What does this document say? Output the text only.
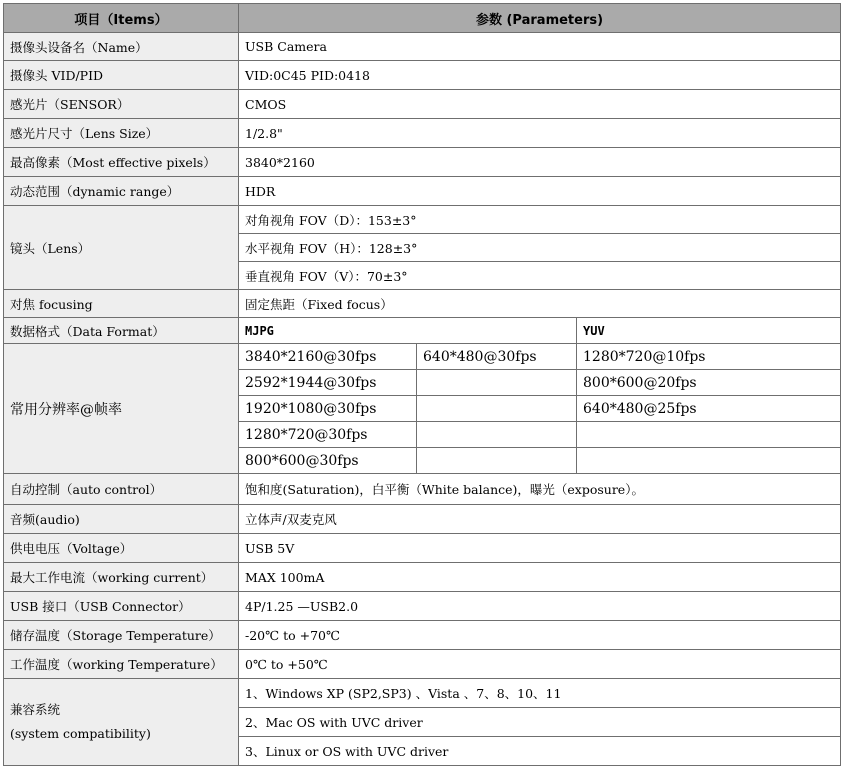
项目（Items）	参数 (Parameters)		
摄像头设备名（Name）	USB Camera		
摄像头 VID/PID	VID:0C45 PID:0418		
感光片（SENSOR）	CMOS		
感光片尺寸（Lens Size）	1/2.8"		
最高像素（Most effective pixels）	3840*2160		
动态范围（dynamic range）	HDR		
镜头（Lens）	对角视角 FOV（D）：153±3°		
	水平视角 FOV（H）：128±3°		
	垂直视角 FOV（V）：70±3°		
对焦 focusing	固定焦距（Fixed focus）		
数据格式（Data Format）	MJPG		YUV
常用分辨率@帧率	3840*2160@30fps	640*480@30fps	1280*720@10fps
	2592*1944@30fps		800*600@20fps
	1920*1080@30fps		640*480@25fps
	1280*720@30fps		
	800*600@30fps		
自动控制（auto control）	饱和度(Saturation)，白平衡（White balance)，曝光（exposure）。		
音频(audio)	立体声/双麦克风		
供电电压（Voltage）	USB 5V		
最大工作电流（working current）	MAX 100mA		
USB 接口（USB Connector）	4P/1.25 —USB2.0		
储存温度（Storage Temperature）	-20℃ to +70℃		
工作温度（working Temperature）	0℃ to +50℃		

兼容系统
(system compatibility)	1、Windows XP (SP2,SP3) 、Vista 、7、8、10、11		
	2、Mac OS with UVC driver		
	3、Linux or OS with UVC driver		
